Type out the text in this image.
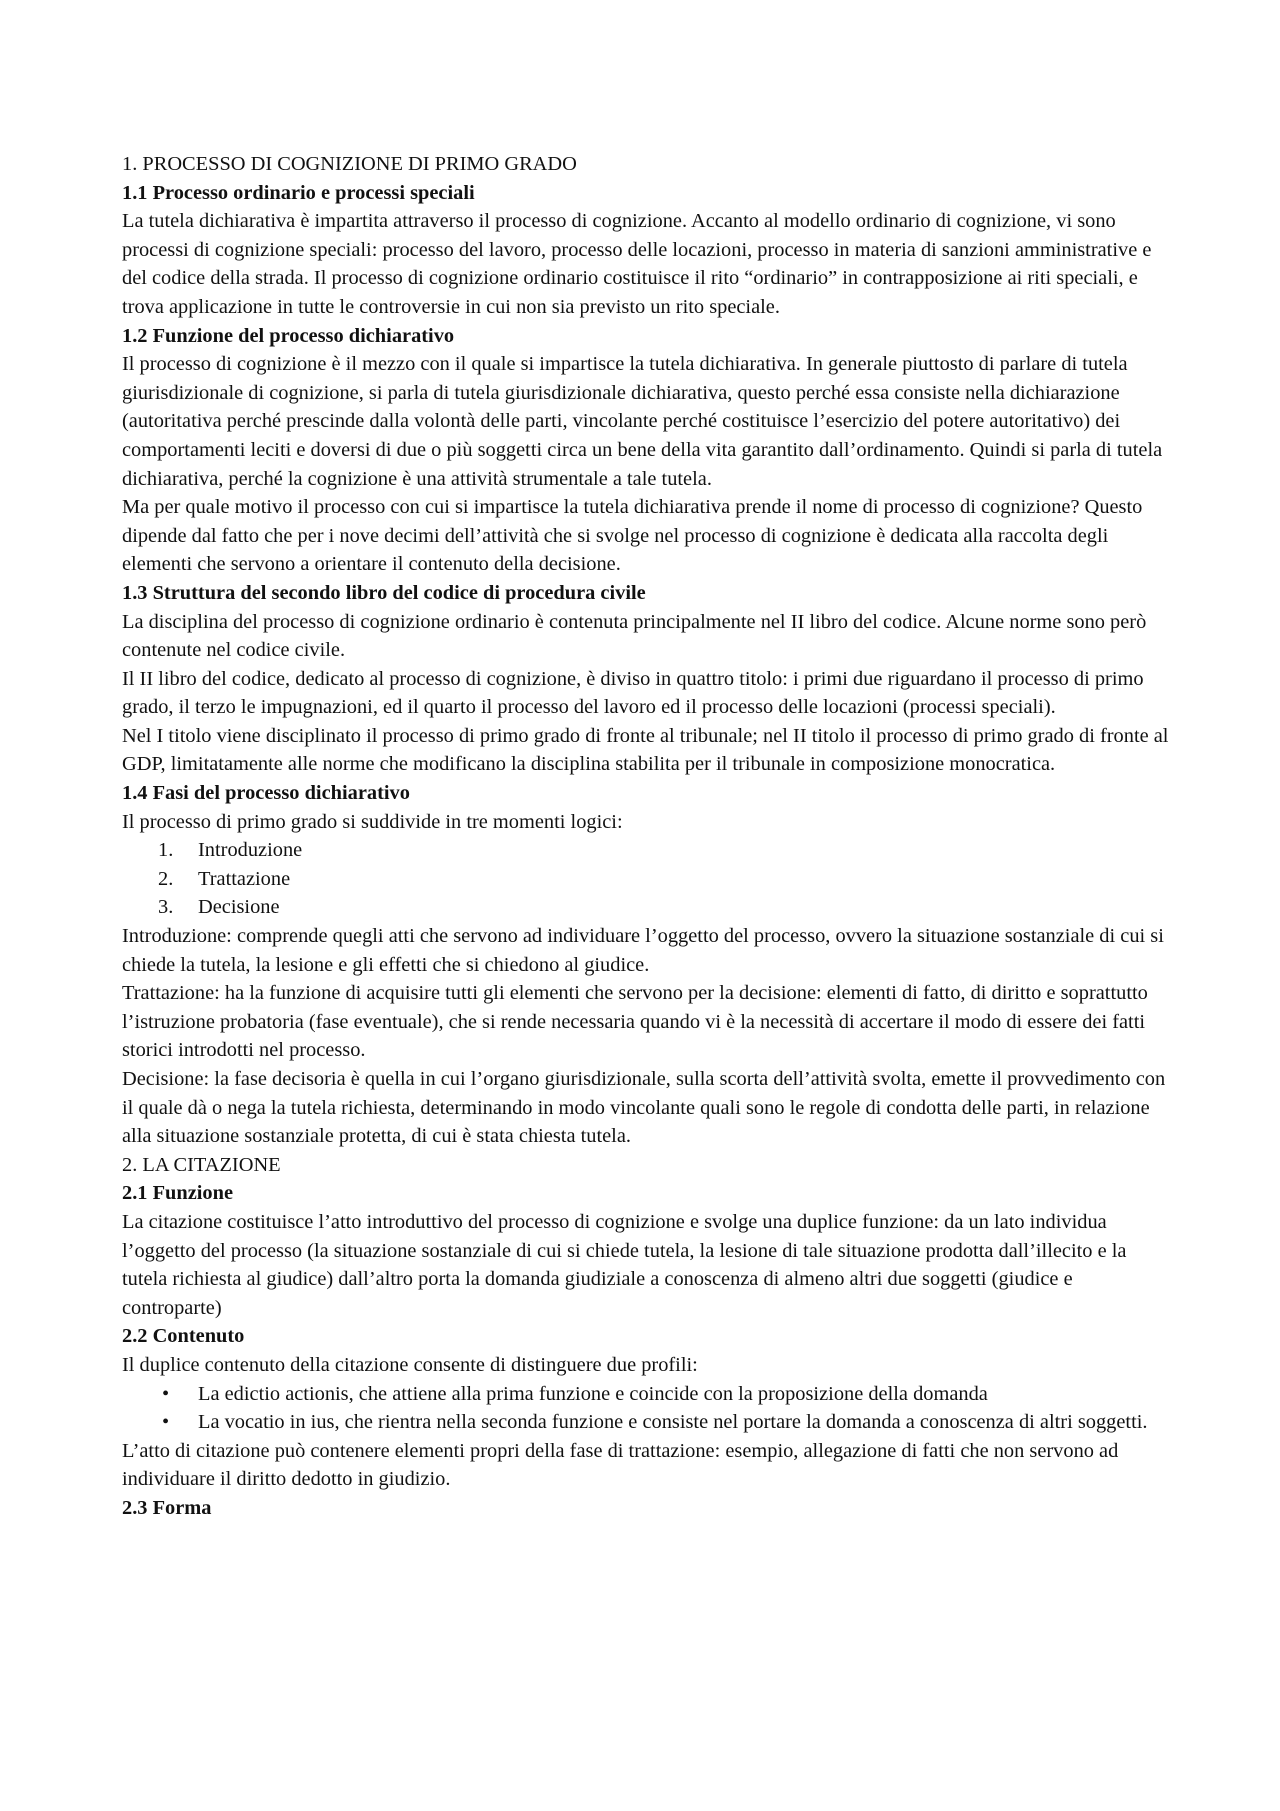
1. PROCESSO DI COGNIZIONE DI PRIMO GRADO

1.1 Processo ordinario e processi speciali

La tutela dichiarativa è impartita attraverso il processo di cognizione. Accanto al modello ordinario di cognizione, vi sono processi di cognizione speciali: processo del lavoro, processo delle locazioni, processo in materia di sanzioni amministrative e del codice della strada. Il processo di cognizione ordinario costituisce il rito “ordinario” in contrapposizione ai riti speciali, e trova applicazione in tutte le controversie in cui non sia previsto un rito speciale.

1.2 Funzione del processo dichiarativo

Il processo di cognizione è il mezzo con il quale si impartisce la tutela dichiarativa. In generale piuttosto di parlare di tutela giurisdizionale di cognizione, si parla di tutela giurisdizionale dichiarativa, questo perché essa consiste nella dichiarazione (autoritativa perché prescinde dalla volontà delle parti, vincolante perché costituisce l’esercizio del potere autoritativo) dei comportamenti leciti e doversi di due o più soggetti circa un bene della vita garantito dall’ordinamento. Quindi si parla di tutela dichiarativa, perché la cognizione è una attività strumentale a tale tutela.

Ma per quale motivo il processo con cui si impartisce la tutela dichiarativa prende il nome di processo di cognizione? Questo dipende dal fatto che per i nove decimi dell’attività che si svolge nel processo di cognizione è dedicata alla raccolta degli elementi che servono a orientare il contenuto della decisione.

1.3 Struttura del secondo libro del codice di procedura civile

La disciplina del processo di cognizione ordinario è contenuta principalmente nel II libro del codice. Alcune norme sono però contenute nel codice civile.

Il II libro del codice, dedicato al processo di cognizione, è diviso in quattro titolo: i primi due riguardano il processo di primo grado, il terzo le impugnazioni, ed il quarto il processo del lavoro ed il processo delle locazioni (processi speciali).

Nel I titolo viene disciplinato il processo di primo grado di fronte al tribunale; nel II titolo il processo di primo grado di fronte al GDP, limitatamente alle norme che modificano la disciplina stabilita per il tribunale in composizione monocratica.

1.4 Fasi del processo dichiarativo

Il processo di primo grado si suddivide in tre momenti logici:

1.	Introduzione
2.	Trattazione
3.	Decisione

Introduzione: comprende quegli atti che servono ad individuare l’oggetto del processo, ovvero la situazione sostanziale di cui si chiede la tutela, la lesione e gli effetti che si chiedono al giudice.

Trattazione: ha la funzione di acquisire tutti gli elementi che servono per la decisione: elementi di fatto, di diritto e soprattutto l’istruzione probatoria (fase eventuale), che si rende necessaria quando vi è la necessità di accertare il modo di essere dei fatti storici introdotti nel processo.

Decisione: la fase decisoria è quella in cui l’organo giurisdizionale, sulla scorta dell’attività svolta, emette il provvedimento con il quale dà o nega la tutela richiesta, determinando in modo vincolante quali sono le regole di condotta delle parti, in relazione alla situazione sostanziale protetta, di cui è stata chiesta tutela.

2. LA CITAZIONE

2.1 Funzione

La citazione costituisce l’atto introduttivo del processo di cognizione e svolge una duplice funzione: da un lato individua l’oggetto del processo (la situazione sostanziale di cui si chiede tutela, la lesione di tale situazione prodotta dall’illecito e la tutela richiesta al giudice) dall’altro porta la domanda giudiziale a conoscenza di almeno altri due soggetti (giudice e controparte)

2.2 Contenuto

Il duplice contenuto della citazione consente di distinguere due profili:

•	La edictio actionis, che attiene alla prima funzione e coincide con la proposizione della domanda
•	La vocatio in ius, che rientra nella seconda funzione e consiste nel portare la domanda a conoscenza di altri soggetti.

L’atto di citazione può contenere elementi propri della fase di trattazione: esempio, allegazione di fatti che non servono ad individuare il diritto dedotto in giudizio.

2.3 Forma
